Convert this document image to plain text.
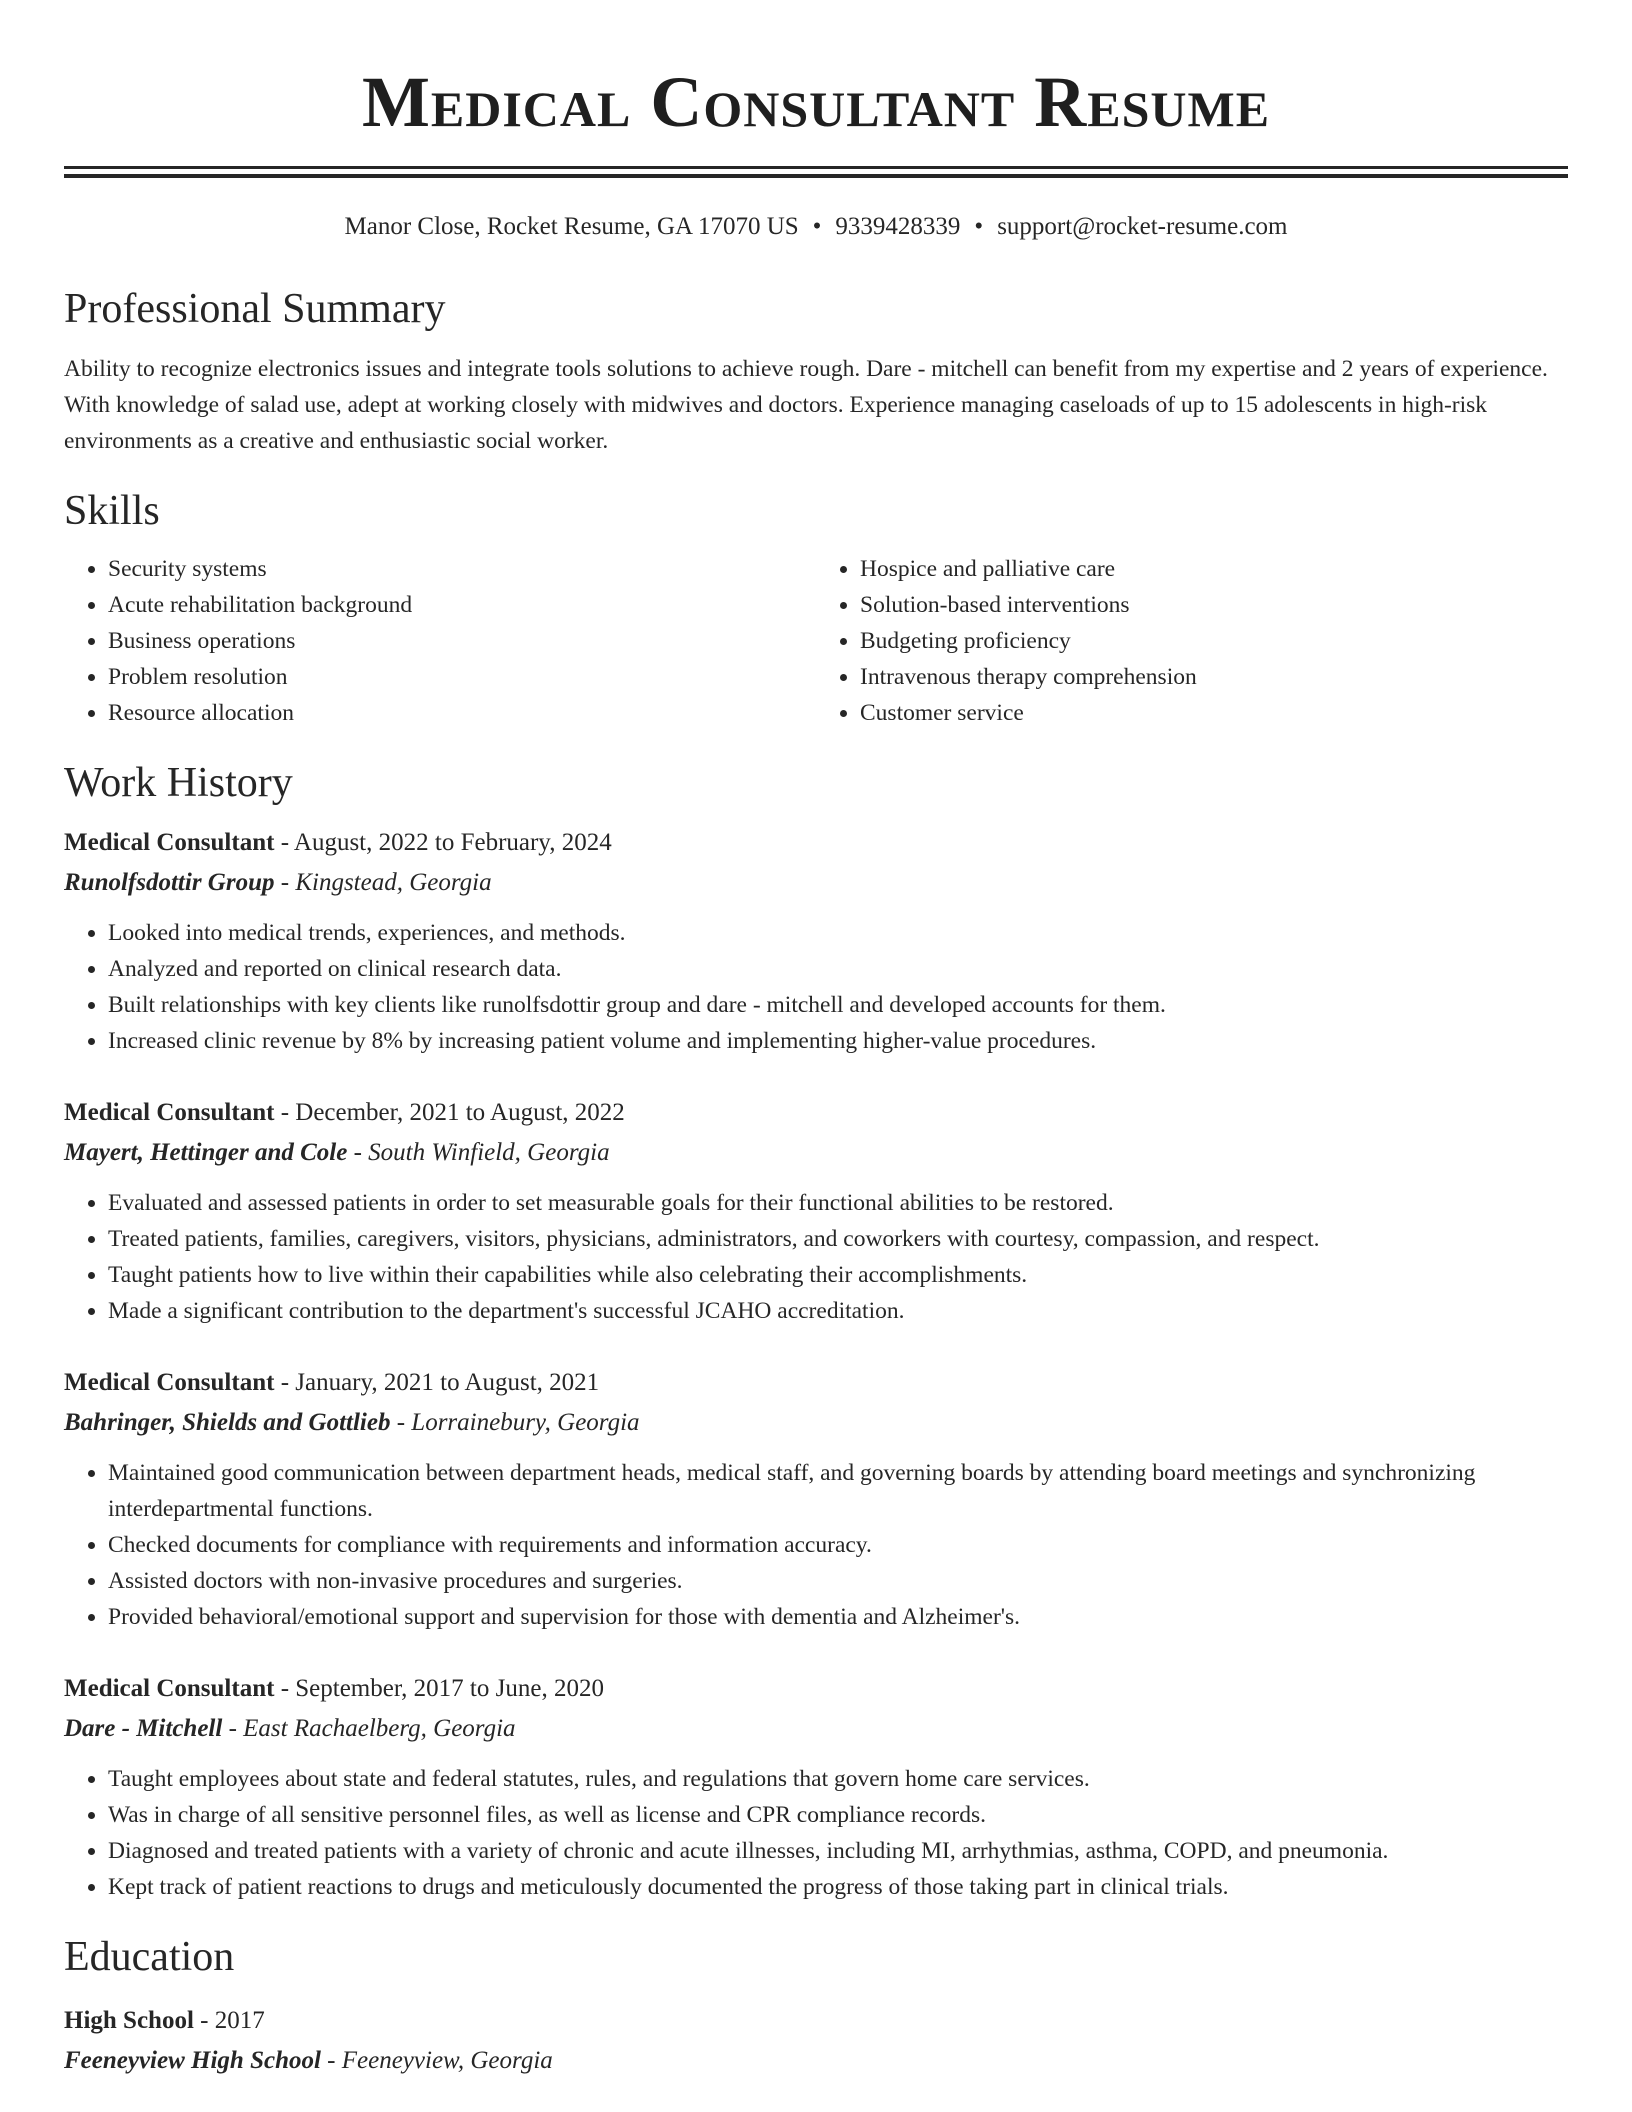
Medical Consultant Resume
Manor Close, Rocket Resume, GA 17070 US • 9339428339 • support@rocket-resume.com
Professional Summary

Ability to recognize electronics issues and integrate tools solutions to achieve rough. Dare - mitchell can benefit from my expertise and 2 years of experience. With knowledge of salad use, adept at working closely with midwives and doctors. Experience managing caseloads of up to 15 adolescents in high-risk environments as a creative and enthusiastic social worker.

Skills
• Security systems
• Acute rehabilitation background
• Business operations
• Problem resolution
• Resource allocation
• Hospice and palliative care
• Solution-based interventions
• Budgeting proficiency
• Intravenous therapy comprehension
• Customer service
Work History
Medical Consultant - August, 2022 to February, 2024
Runolfsdottir Group - Kingstead, Georgia
• Looked into medical trends, experiences, and methods.
• Analyzed and reported on clinical research data.
• Built relationships with key clients like runolfsdottir group and dare - mitchell and developed accounts for them.
• Increased clinic revenue by 8% by increasing patient volume and implementing higher-value procedures.
Medical Consultant - December, 2021 to August, 2022
Mayert, Hettinger and Cole - South Winfield, Georgia
• Evaluated and assessed patients in order to set measurable goals for their functional abilities to be restored.
• Treated patients, families, caregivers, visitors, physicians, administrators, and coworkers with courtesy, compassion, and respect.
• Taught patients how to live within their capabilities while also celebrating their accomplishments.
• Made a significant contribution to the department's successful JCAHO accreditation.
Medical Consultant - January, 2021 to August, 2021
Bahringer, Shields and Gottlieb - Lorrainebury, Georgia
• Maintained good communication between department heads, medical staff, and governing boards by attending board meetings and synchronizing interdepartmental functions.
• Checked documents for compliance with requirements and information accuracy.
• Assisted doctors with non-invasive procedures and surgeries.
• Provided behavioral/emotional support and supervision for those with dementia and Alzheimer's.
Medical Consultant - September, 2017 to June, 2020
Dare - Mitchell - East Rachaelberg, Georgia
• Taught employees about state and federal statutes, rules, and regulations that govern home care services.
• Was in charge of all sensitive personnel files, as well as license and CPR compliance records.
• Diagnosed and treated patients with a variety of chronic and acute illnesses, including MI, arrhythmias, asthma, COPD, and pneumonia.
• Kept track of patient reactions to drugs and meticulously documented the progress of those taking part in clinical trials.
Education
High School - 2017
Feeneyview High School - Feeneyview, Georgia
